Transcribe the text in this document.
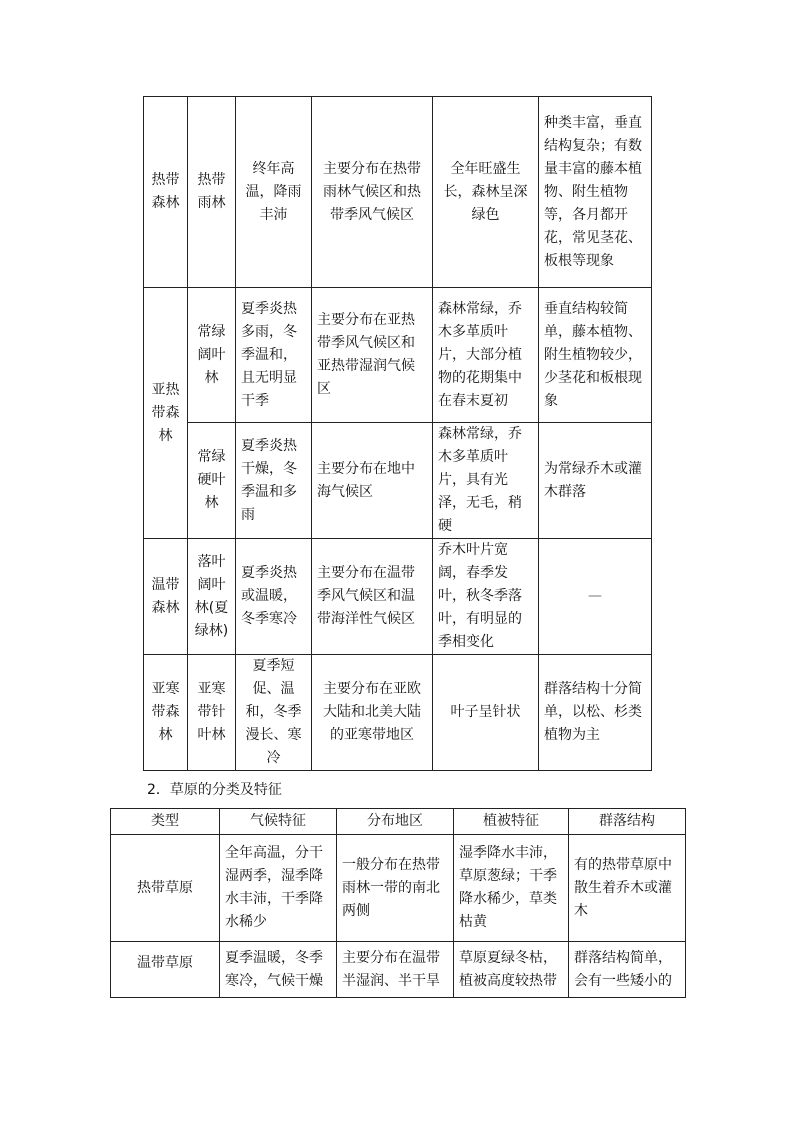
热带森林	热带雨林	终年高温，降雨丰沛	主要分布在热带雨林气候区和热带季风气候区	全年旺盛生长，森林呈深绿色	种类丰富，垂直结构复杂；有数量丰富的藤本植物、附生植物等，各月都开花，常见茎花、板根等现象
亚热带森林	常绿阔叶林	夏季炎热多雨，冬季温和，且无明显干季	主要分布在亚热带季风气候区和亚热带湿润气候区	森林常绿，乔木多革质叶片，大部分植物的花期集中在春末夏初	垂直结构较简单，藤本植物、附生植物较少，少茎花和板根现象
	常绿硬叶林	夏季炎热干燥，冬季温和多雨	主要分布在地中海气候区	森林常绿，乔木多革质叶片，具有光泽，无毛，稍硬	为常绿乔木或灌木群落
温带森林	落叶阔叶林(夏绿林)	夏季炎热或温暖，冬季寒冷	主要分布在温带季风气候区和温带海洋性气候区	乔木叶片宽阔，春季发叶，秋冬季落叶，有明显的季相变化	—
亚寒带森林	亚寒带针叶林	夏季短促、温和，冬季漫长、寒冷	主要分布在亚欧大陆和北美大陆的亚寒带地区	叶子呈针状	群落结构十分简单，以松、杉类植物为主
2．草原的分类及特征
类型	气候特征	分布地区	植被特征	群落结构
热带草原	全年高温，分干湿两季，湿季降水丰沛，干季降水稀少	一般分布在热带雨林一带的南北两侧	湿季降水丰沛，草原葱绿；干季降水稀少，草类枯黄	有的热带草原中散生着乔木或灌木
温带草原	夏季温暖，冬季寒冷，气候干燥	主要分布在温带半湿润、半干旱	草原夏绿冬枯，植被高度较热带	群落结构简单，会有一些矮小的
